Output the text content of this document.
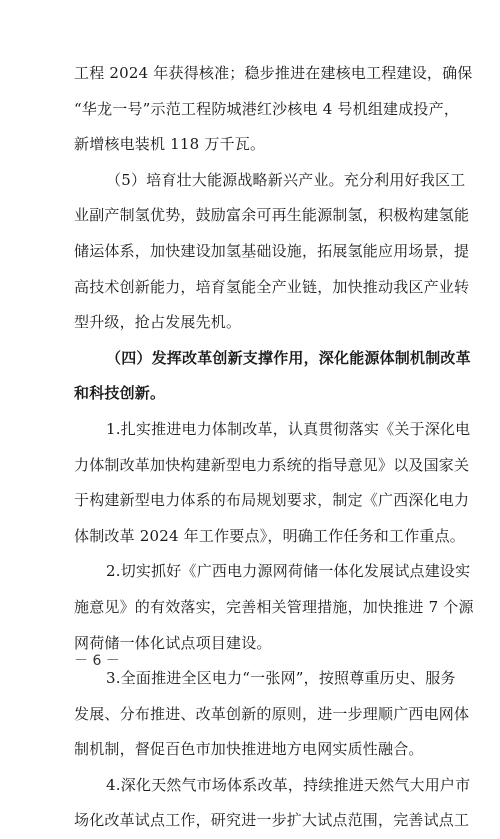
工程 2024 年获得核准；稳步推进在建核电工程建设，确保
“华龙一号”示范工程防城港红沙核电 4 号机组建成投产，
新增核电装机 118 万千瓦。
（5）培育壮大能源战略新兴产业。充分利用好我区工
业副产制氢优势，鼓励富余可再生能源制氢，积极构建氢能
储运体系，加快建设加氢基础设施，拓展氢能应用场景，提
高技术创新能力，培育氢能全产业链，加快推动我区产业转
型升级，抢占发展先机。
（四）发挥改革创新支撑作用，深化能源体制机制改革
和科技创新。
1.扎实推进电力体制改革，认真贯彻落实《关于深化电
力体制改革加快构建新型电力系统的指导意见》以及国家关
于构建新型电力体系的布局规划要求，制定《广西深化电力
体制改革 2024 年工作要点》，明确工作任务和工作重点。
2.切实抓好《广西电力源网荷储一体化发展试点建设实
施意见》的有效落实，完善相关管理措施，加快推进 7 个源
网荷储一体化试点项目建设。
3.全面推进全区电力“一张网”，按照尊重历史、服务
发展、分布推进、改革创新的原则，进一步理顺广西电网体
制机制，督促百色市加快推进地方电网实质性融合。
4.深化天然气市场体系改革，持续推进天然气大用户市
场化改革试点工作，研究进一步扩大试点范围，完善试点工
－ 6 －
